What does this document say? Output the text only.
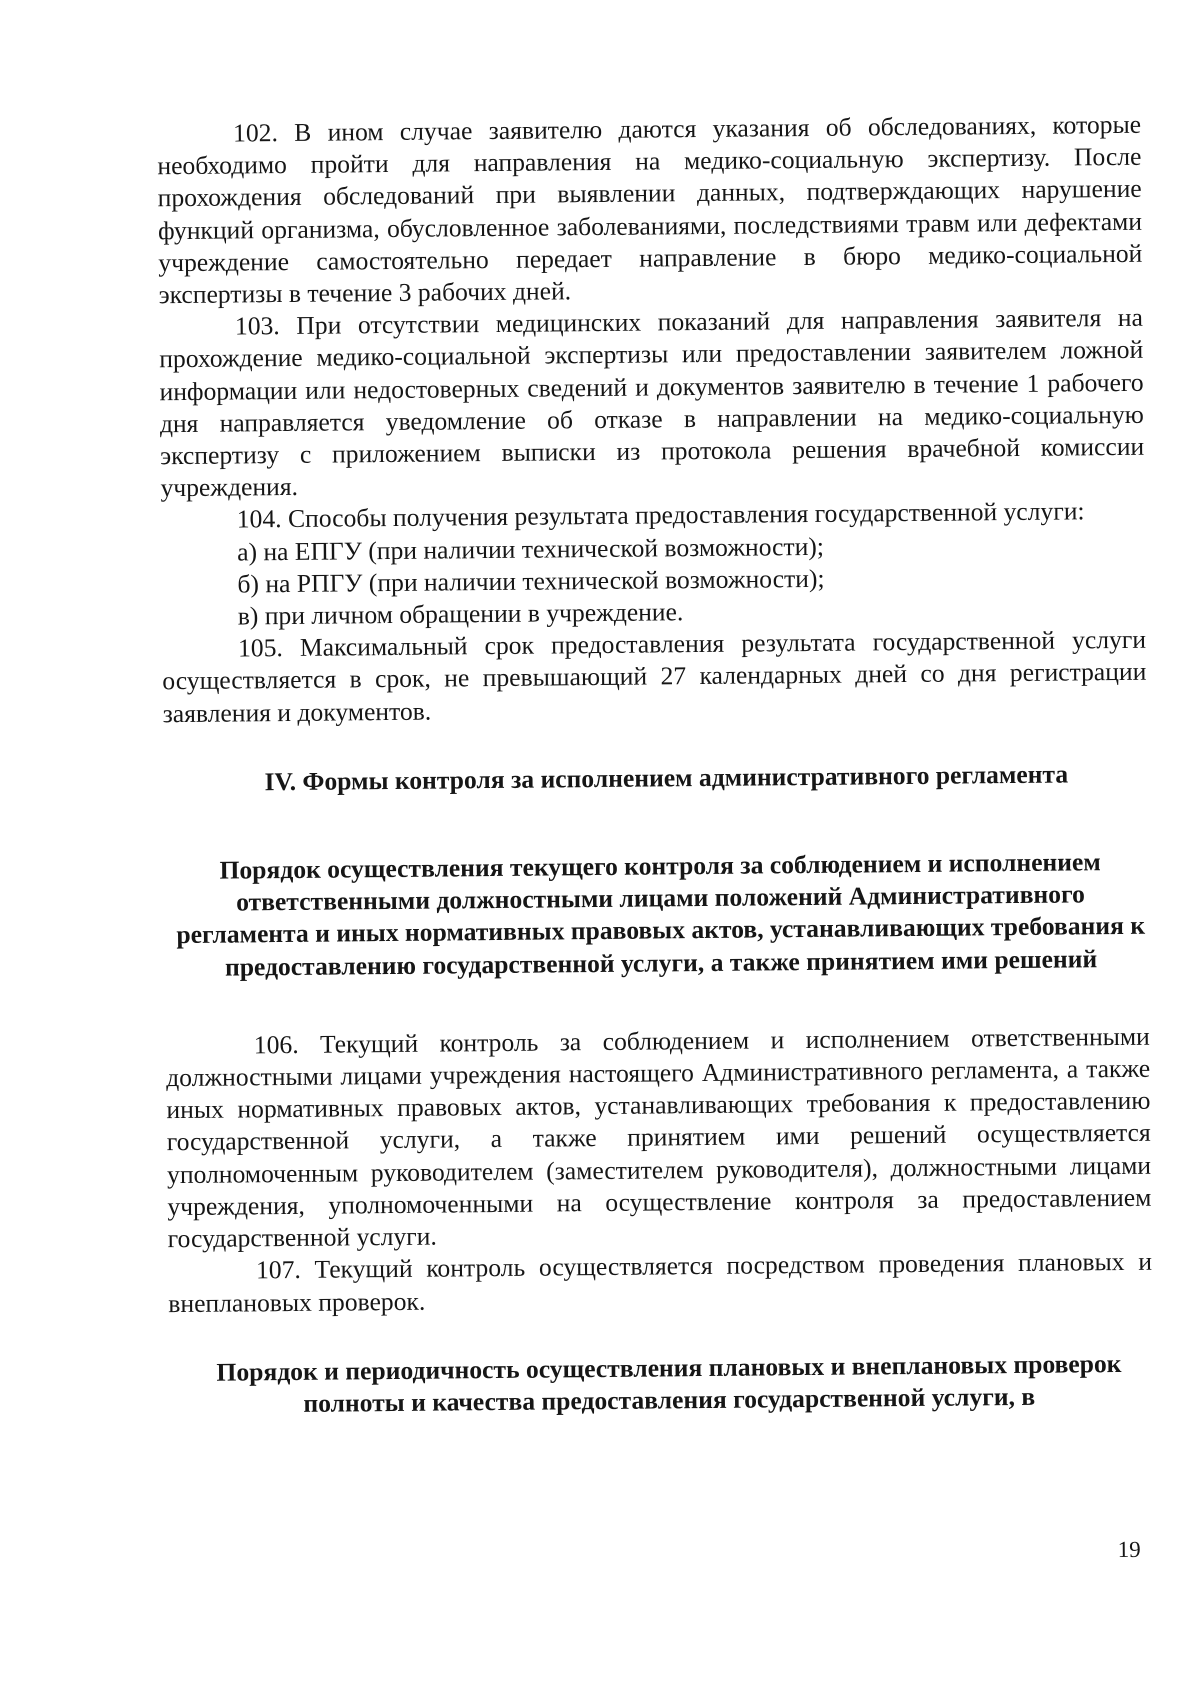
102. В ином случае заявителю даются указания об обследованиях, которые необходимо пройти для направления на медико-социальную экспертизу. После прохождения обследований при выявлении данных, подтверждающих нарушение функций организма, обусловленное заболеваниями, последствиями травм или дефектами учреждение самостоятельно передает направление в бюро медико-социальной экспертизы в течение 3 рабочих дней.

103. При отсутствии медицинских показаний для направления заявителя на прохождение медико-социальной экспертизы или предоставлении заявителем ложной информации или недостоверных сведений и документов заявителю в течение 1 рабочего дня направляется уведомление об отказе в направлении на медико-социальную экспертизу с приложением выписки из протокола решения врачебной комиссии учреждения.

104. Способы получения результата предоставления государственной услуги:

а) на ЕПГУ (при наличии технической возможности);

б) на РПГУ (при наличии технической возможности);

в) при личном обращении в учреждение.

105. Максимальный срок предоставления результата государственной услуги осуществляется в срок, не превышающий 27 календарных дней со дня регистрации заявления и документов.

IV. Формы контроля за исполнением административного регламента
Порядок осуществления текущего контроля за соблюдением и исполнением ответственными должностными лицами положений Административного регламента и иных нормативных правовых актов, устанавливающих требования к предоставлению государственной услуги, а также принятием ими решений

106. Текущий контроль за соблюдением и исполнением ответственными должностными лицами учреждения настоящего Административного регламента, а также иных нормативных правовых актов, устанавливающих требования к предоставлению государственной услуги, а также принятием ими решений осуществляется уполномоченным руководителем (заместителем руководителя), должностными лицами учреждения, уполномоченными на осуществление контроля за предоставлением государственной услуги.

107. Текущий контроль осуществляется посредством проведения плановых и внеплановых проверок.

Порядок и периодичность осуществления плановых и внеплановых проверок полноты и качества предоставления государственной услуги, в
19
